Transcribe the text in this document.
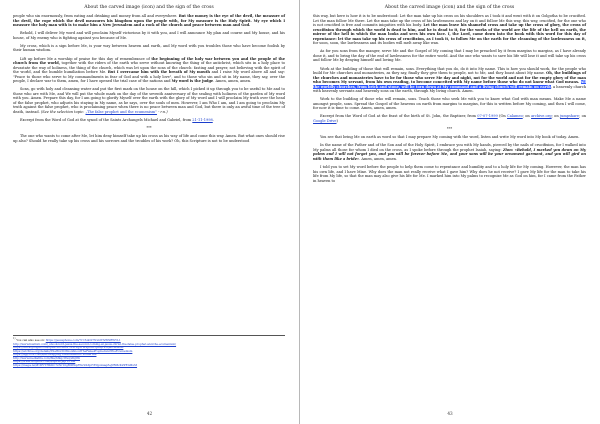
About the carved image (icon) and the sign of the cross

people who sin enormously, from eating and drinking and money from all and everywhere. But the money is the eye of the devil, the measure of the devil, the rope which the devil measures his kingdom upon the people with, for My measure is the Holy Spirit. My eye which I measure the holy man with is to make him a New Jerusalem and a rock of the church and peace between man and God.

Behold, I will deliver My word and will proclaim Myself victorious by it with you, and I will announce My plan and course and My house, and his house, of My enemy who is fighting against you because of Me.

My cross, which is a sign before Me, is your way between heaven and earth, and My word with you troubles those who have become foolish by their human wisdom.

Lift up before Me a worship of praise for this day of remembrance of the beginning of the holy war between you and the people of the church from the world, together with the riders of the earth who serve without knowing the thing of the antichrist, which sits in a holy place to devastate the way of holiness, the thing of the church, which was let upon the sons of the church: fasting and prayer, not believing with the spirit of the world, and the humble humiliation before Me. But I overcame him with the breath of My mouth and I raise My word above all and say: "Peace to those who serve to My commandments in fear of God and with a holy love", and to those who sin and sit in My name, they say, over the people, I declare war to them, amen, for I have opened the trial case of the nations and My word is the judge. Amen, amen, amen.

Sons, go with holy and cleansing water and put the first mark on the house on the hill, which I picked it up through you to be useful to Me and to those who are with Me, and We will put the whole mark on the day of the seventh anniversary of the sealing with holiness of the garden of My word with you. Amen. Prepare this day, for I am going to glorify Myself over the earth with the glory of My word and I will proclaim My truth over the head of the false prophet, who adjusts his staying in My name, as he says, over the souls of men. However, I am Who I am, and I am going to proclaim My truth against the false prophet, who is proclaiming peace when there is no peace between man and God, but there is only an awful time of the tree of death, instead. (See the selection topic: „The false prophet and the ecumenism” - r.n.)

Excerpt from the Word of God at the synod of the Saints Archangels Michael and Gabriel, from 21-11-1998.

***

The one who wants to come after Me, let him deny himself take up his cross as his way of life and come this way. Amen. But what ones should rise up also? Should he really take up his cross and his sorrows and the troubles of his work? Oh, this Scripture is not to be understood

$^{1)}$ You can also see on: https://jesusphone.com/?r=5zkt2?NxldYlV6fSBWYL1
http://www.hsslnvn.com/_sbook-lord-jesus-the-second-coming-at-jesus-christ-the-false-prophet-and-the-ecumenism/
https://drive.google.com/open?id=B0N7Nx1Lg5rWPpxOVqlRQ1PcQkUMMG8
https://archive.org/details/TheWordOfGodAboutTheFalseProphetAndTheEcumenism
https://app.box.com/s/ki5f9upjnxg1o0h84n0nhn7x2umrtbh
http://www.mediafire.com/file/hfkqcrfwqxfnjrth
https://www.dropbox.com/s/dpzwcjkjFE1uul
https://mega.nz/#!ZFrTHKDC!UNrUlgBlWiIqZWzVAZplYEQp4AagZeJrBMzKZPEnMuM
42
About the carved image (icon) and the sign of the cross

this way, but here is how it is to be understood: Let the man take up his cross on his shoulders as I took it and went with it on Golgotha to be crucified. Let the man follow Me there. Let the man take up the cross of his lawlessness and lay on it and follow Me this way, this way, crucified, for the one who is not crucified is free and commits iniquities with his body. Let the man leave his shameful cross and take up the cross of glory, the cross of crucifixion through which the world is dead to him, and he is dead to it, for the works of the world are the life of the hell on earth, the mirror of the hell in which the man looks and sees his own face. I, the Lord, came down into the book with this word for this day of repentance: let the man take up his cross of crucifixion, as I took it, to follow Me on the earth for the cleansing of the lawlessness on it, for soon, soon, the lawlessness and its bodies will melt away like wax.

As for you sons from the manger, serve Me and the Gospel of My coming that I may be preached by it from margins to margins, as I have already done it, and to bring the day of the end of lawlessness for the entire world. And the one who wants to save his life will lose it and will take up his cross and follow Me by denying himself and loving Me.

Work at the building of those that will remain, sons. Everything that you do, do it into My name. This is how you should work, for the people who build for Me churches and monasteries, as they say, finally they give them to people, not to Me, and they boast about My name. Oh, the buildings of the churches and monasteries have to be for those who serve Me day and night, not for the world and not for the empty glory of the man who becomes My servant, from his own reading, to become conceited with My name before those who do not know what God means. All the worldly churches, from brick and stone, will be torn down at My command and a living church will remain on earth, a heavenly church with heavenly servants and heavenly sons on the earth, through My living church. Amen.

Work to the building of those who will remain, sons. Teach those who seek Me with you to know what God with man means. Make Me a name amongst people, sons. Spread the Gospel of the heavens on earth from margins to margins, for this is written before My coming, and then I will come, for now it is time to come. Amen, amen, amen.

Excerpt from the Word of God at the feast of the birth of St. John, the Baptizer, from 07-07-1999 (On Calameo; on archive.org; on jumpshare; on Google Drive)

***

You see that bring Me on earth as word so that I may prepare My coming with the word, listen and write My word into My book of today. Amen.

In the name of the Father and of the Son and of the Holy Spirit, I embrace you with My hands, pierced by the nails of crucifixion, for I walked into My palms all those for whom I died on the cross, as I spoke before through the prophet Isaiah, saying: Zion: «Behold, I marked you down on My palms and I will not forget you, and you will be forever before Me, and your sons will be your ornament garment, and you will gird on with them like a bride». Amen, amen, amen.

I told you to set My word before the people to help them come to repentance and humility and to a holy life for My coming. However, the man has his own life, and I have Mine. Why does the man not really receive what I gave him? Why does he not receive? I gave My life for the man to take his life from My life, so that the man may also give his life for Me. I marked him into My palms to recognize Me as God on him, for I came from the Father in heaven to

43
